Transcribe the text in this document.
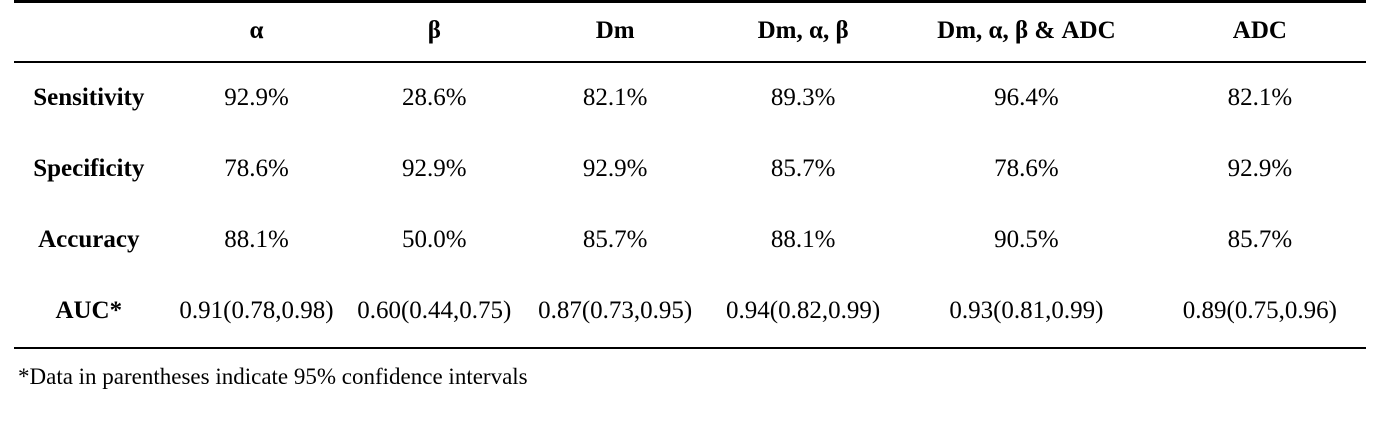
	α	β	Dm	Dm, α, β	Dm, α, β & ADC	ADC
Sensitivity	92.9%	28.6%	82.1%	89.3%	96.4%	82.1%
Specificity	78.6%	92.9%	92.9%	85.7%	78.6%	92.9%
Accuracy	88.1%	50.0%	85.7%	88.1%	90.5%	85.7%
AUC*	0.91(0.78,0.98)	0.60(0.44,0.75)	0.87(0.73,0.95)	0.94(0.82,0.99)	0.93(0.81,0.99)	0.89(0.75,0.96)
*Data in parentheses indicate 95% confidence intervals
